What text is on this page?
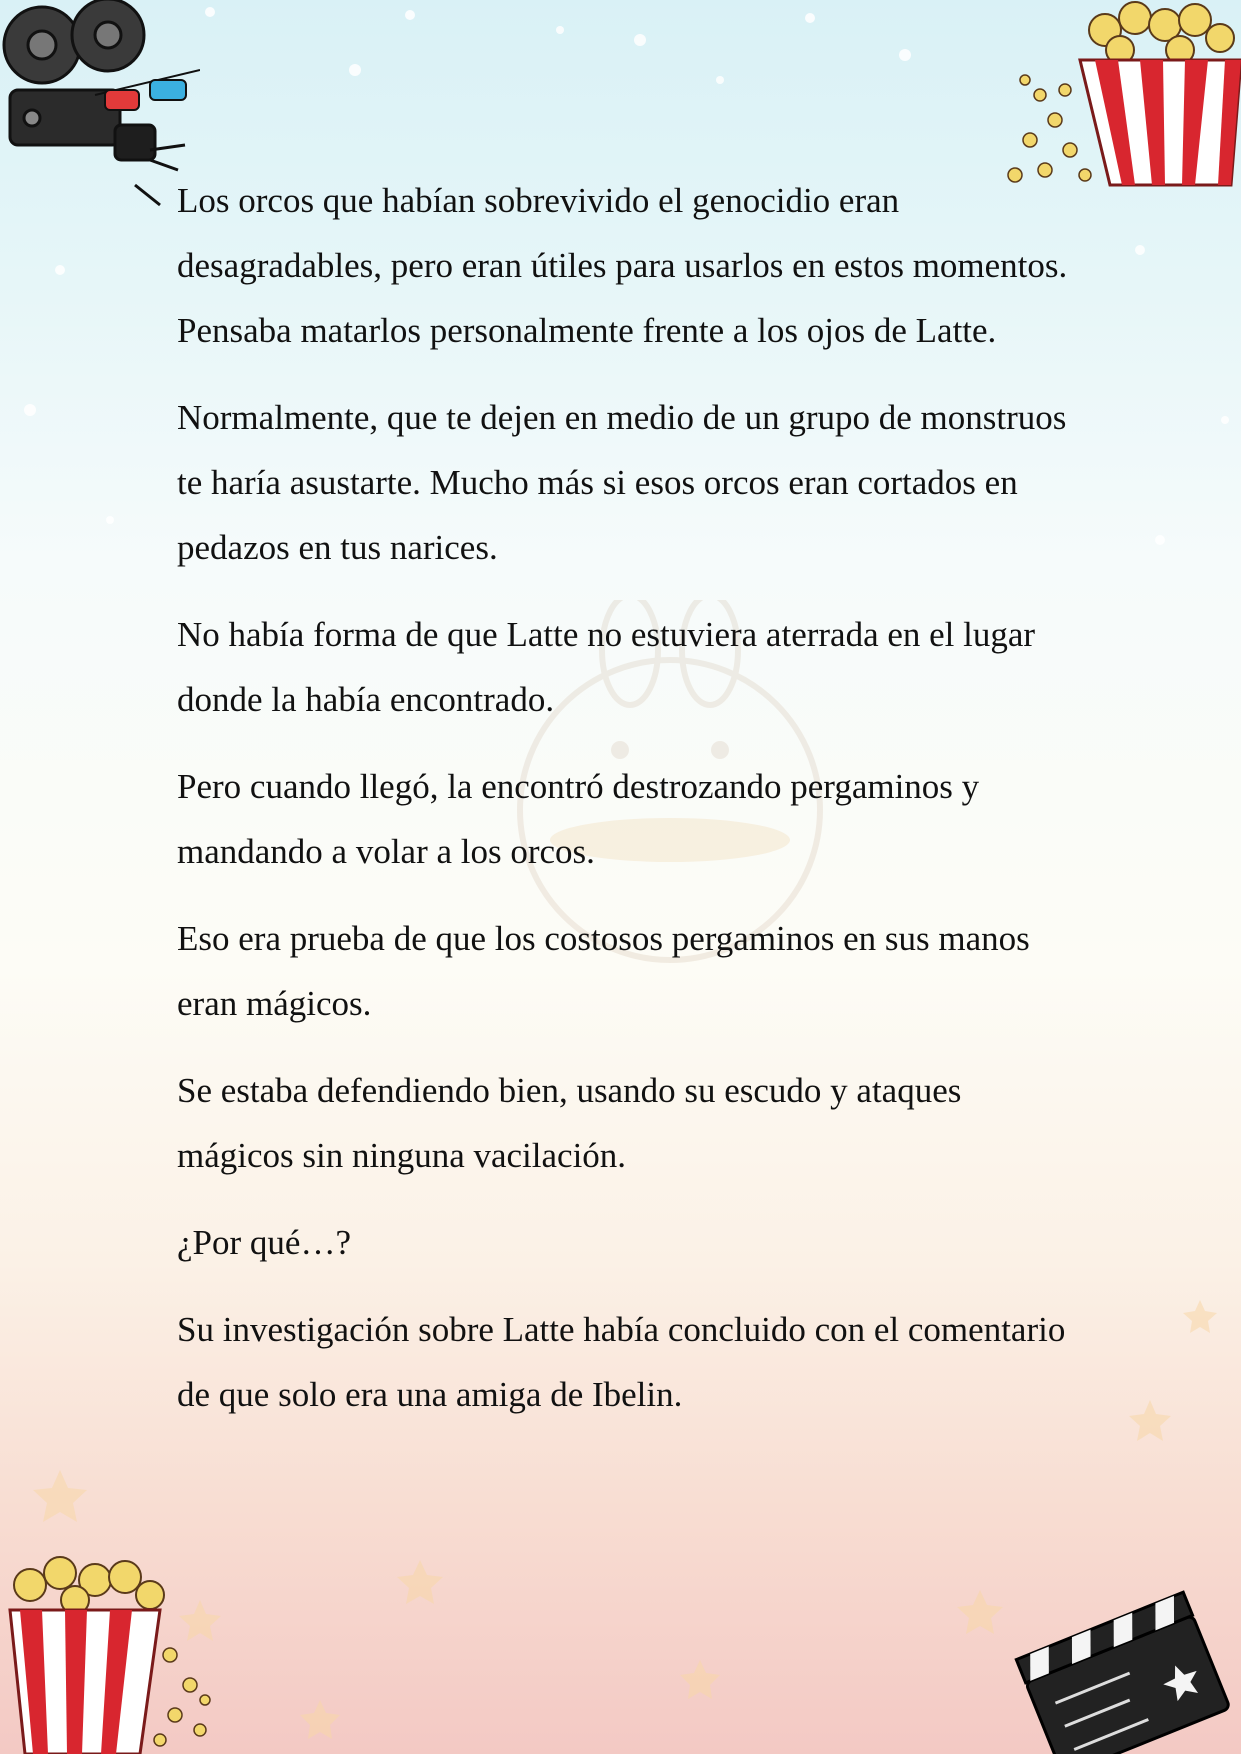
Los orcos que habían sobrevivido el genocidio eran desagradables, pero eran útiles para usarlos en estos momentos. Pensaba matarlos personalmente frente a los ojos de Latte.

Normalmente, que te dejen en medio de un grupo de monstruos te haría asustarte. Mucho más si esos orcos eran cortados en pedazos en tus narices.

No había forma de que Latte no estuviera aterrada en el lugar donde la había encontrado.

Pero cuando llegó, la encontró destrozando pergaminos y mandando a volar a los orcos.

Eso era prueba de que los costosos pergaminos en sus manos eran mágicos.

Se estaba defendiendo bien, usando su escudo y ataques mágicos sin ninguna vacilación.

¿Por qué…?

Su investigación sobre Latte había concluido con el comentario de que solo era una amiga de Ibelin.
